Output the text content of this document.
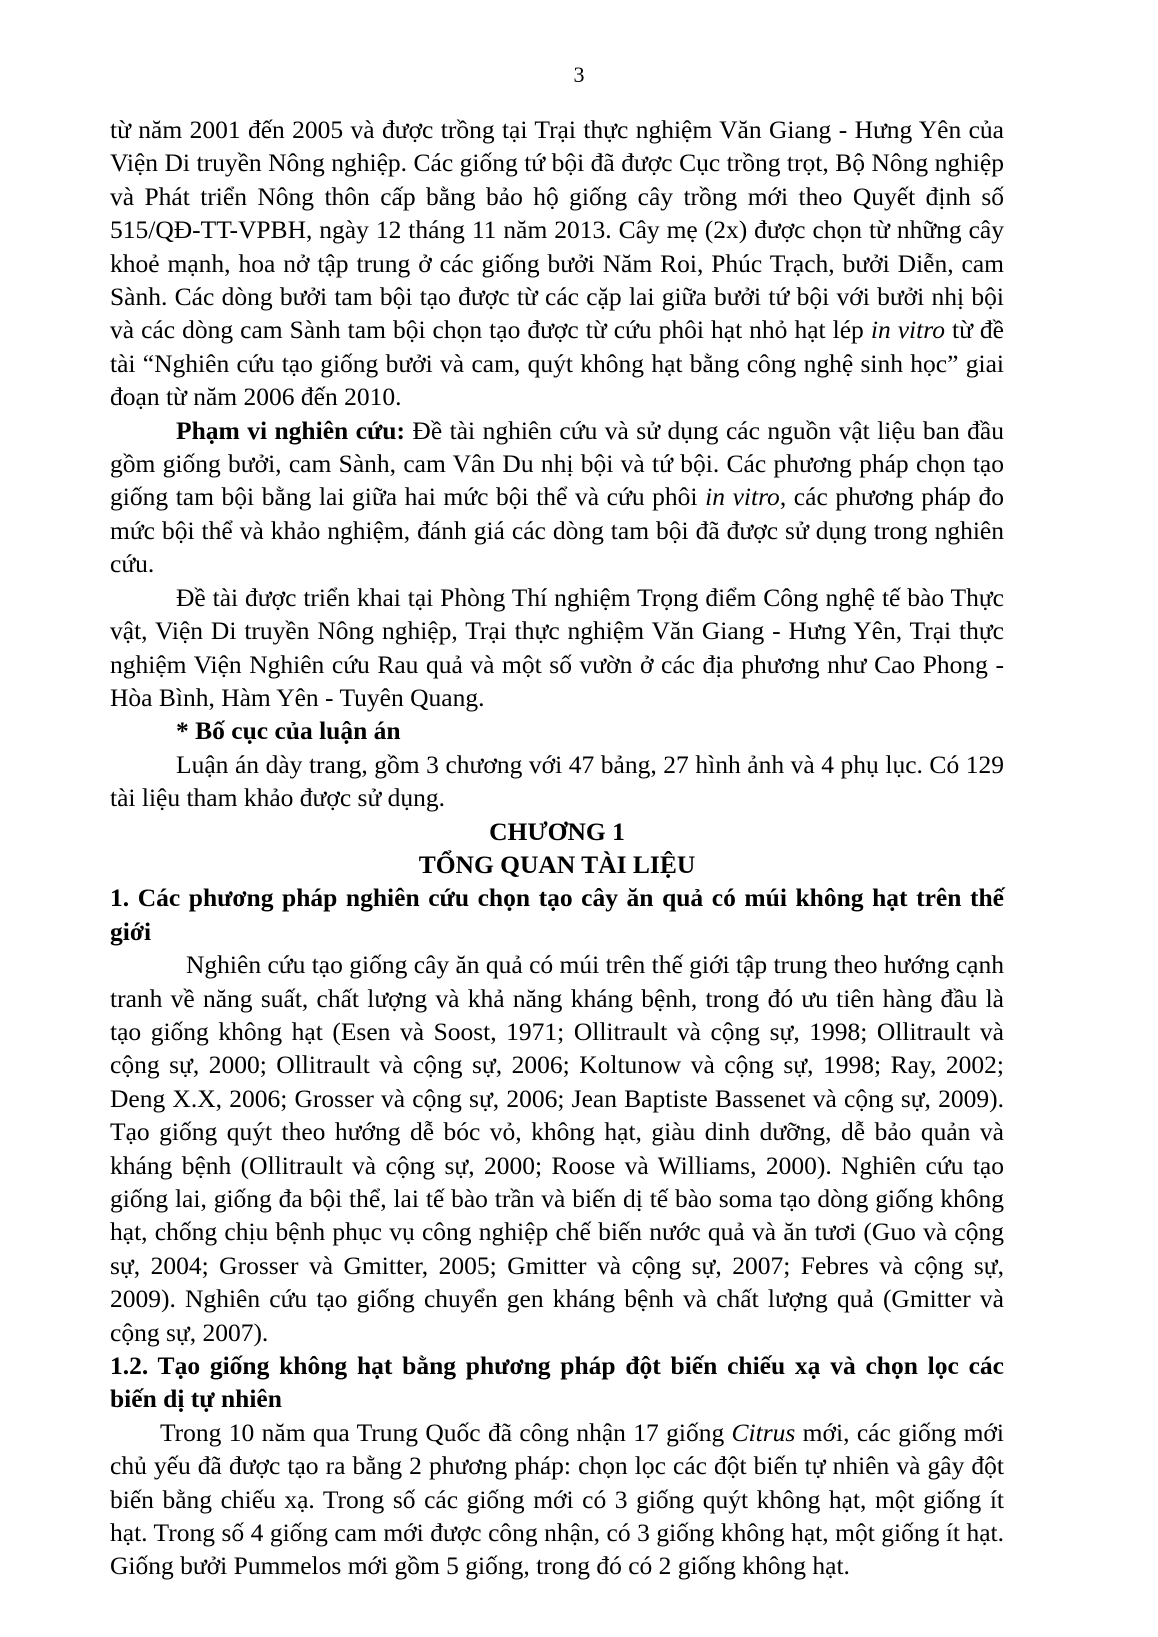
3

từ năm 2001 đến 2005 và được trồng tại Trại thực nghiệm Văn Giang - Hưng Yên của Viện Di truyền Nông nghiệp. Các giống tứ bội đã được Cục trồng trọt, Bộ Nông nghiệp và Phát triển Nông thôn cấp bằng bảo hộ giống cây trồng mới theo Quyết định số 515/QĐ-TT-VPBH, ngày 12 tháng 11 năm 2013. Cây mẹ (2x) được chọn từ những cây khoẻ mạnh, hoa nở tập trung ở các giống bưởi Năm Roi, Phúc Trạch, bưởi Diễn, cam Sành. Các dòng bưởi tam bội tạo được từ các cặp lai giữa bưởi tứ bội với bưởi nhị bội và các dòng cam Sành tam bội chọn tạo được từ cứu phôi hạt nhỏ hạt lép in vitro từ đề tài “Nghiên cứu tạo giống bưởi và cam, quýt không hạt bằng công nghệ sinh học” giai đoạn từ năm 2006 đến 2010.

Phạm vi nghiên cứu: Đề tài nghiên cứu và sử dụng các nguồn vật liệu ban đầu gồm giống bưởi, cam Sành, cam Vân Du nhị bội và tứ bội. Các phương pháp chọn tạo giống tam bội bằng lai giữa hai mức bội thể và cứu phôi in vitro, các phương pháp đo mức bội thể và khảo nghiệm, đánh giá các dòng tam bội đã được sử dụng trong nghiên cứu.

Đề tài được triển khai tại Phòng Thí nghiệm Trọng điểm Công nghệ tế bào Thực vật, Viện Di truyền Nông nghiệp, Trại thực nghiệm Văn Giang - Hưng Yên, Trại thực nghiệm Viện Nghiên cứu Rau quả và một số vườn ở các địa phương như Cao Phong - Hòa Bình, Hàm Yên - Tuyên Quang.

* Bố cục của luận án

Luận án dày trang, gồm 3 chương với 47 bảng, 27 hình ảnh và 4 phụ lục. Có 129 tài liệu tham khảo được sử dụng.

CHƯƠNG 1

TỔNG QUAN TÀI LIỆU

1. Các phương pháp nghiên cứu chọn tạo cây ăn quả có múi không hạt trên thế giới

Nghiên cứu tạo giống cây ăn quả có múi trên thế giới tập trung theo hướng cạnh tranh về năng suất, chất lượng và khả năng kháng bệnh, trong đó ưu tiên hàng đầu là tạo giống không hạt (Esen và Soost, 1971; Ollitrault và cộng sự, 1998; Ollitrault và cộng sự, 2000; Ollitrault và cộng sự, 2006; Koltunow và cộng sự, 1998; Ray, 2002; Deng X.X, 2006; Grosser và cộng sự, 2006; Jean Baptiste Bassenet và cộng sự, 2009). Tạo giống quýt theo hướng dễ bóc vỏ, không hạt, giàu dinh dưỡng, dễ bảo quản và kháng bệnh (Ollitrault và cộng sự, 2000; Roose và Williams, 2000). Nghiên cứu tạo giống lai, giống đa bội thể, lai tế bào trần và biến dị tế bào soma tạo dòng giống không hạt, chống chịu bệnh phục vụ công nghiệp chế biến nước quả và ăn tươi (Guo và cộng sự, 2004; Grosser và Gmitter, 2005; Gmitter và cộng sự, 2007; Febres và cộng sự, 2009). Nghiên cứu tạo giống chuyển gen kháng bệnh và chất lượng quả (Gmitter và cộng sự, 2007).

1.2. Tạo giống không hạt bằng phương pháp đột biến chiếu xạ và chọn lọc các biến dị tự nhiên

Trong 10 năm qua Trung Quốc đã công nhận 17 giống Citrus mới, các giống mới chủ yếu đã được tạo ra bằng 2 phương pháp: chọn lọc các đột biến tự nhiên và gây đột biến bằng chiếu xạ. Trong số các giống mới có 3 giống quýt không hạt, một giống ít hạt. Trong số 4 giống cam mới được công nhận, có 3 giống không hạt, một giống ít hạt. Giống bưởi Pummelos mới gồm 5 giống, trong đó có 2 giống không hạt.
